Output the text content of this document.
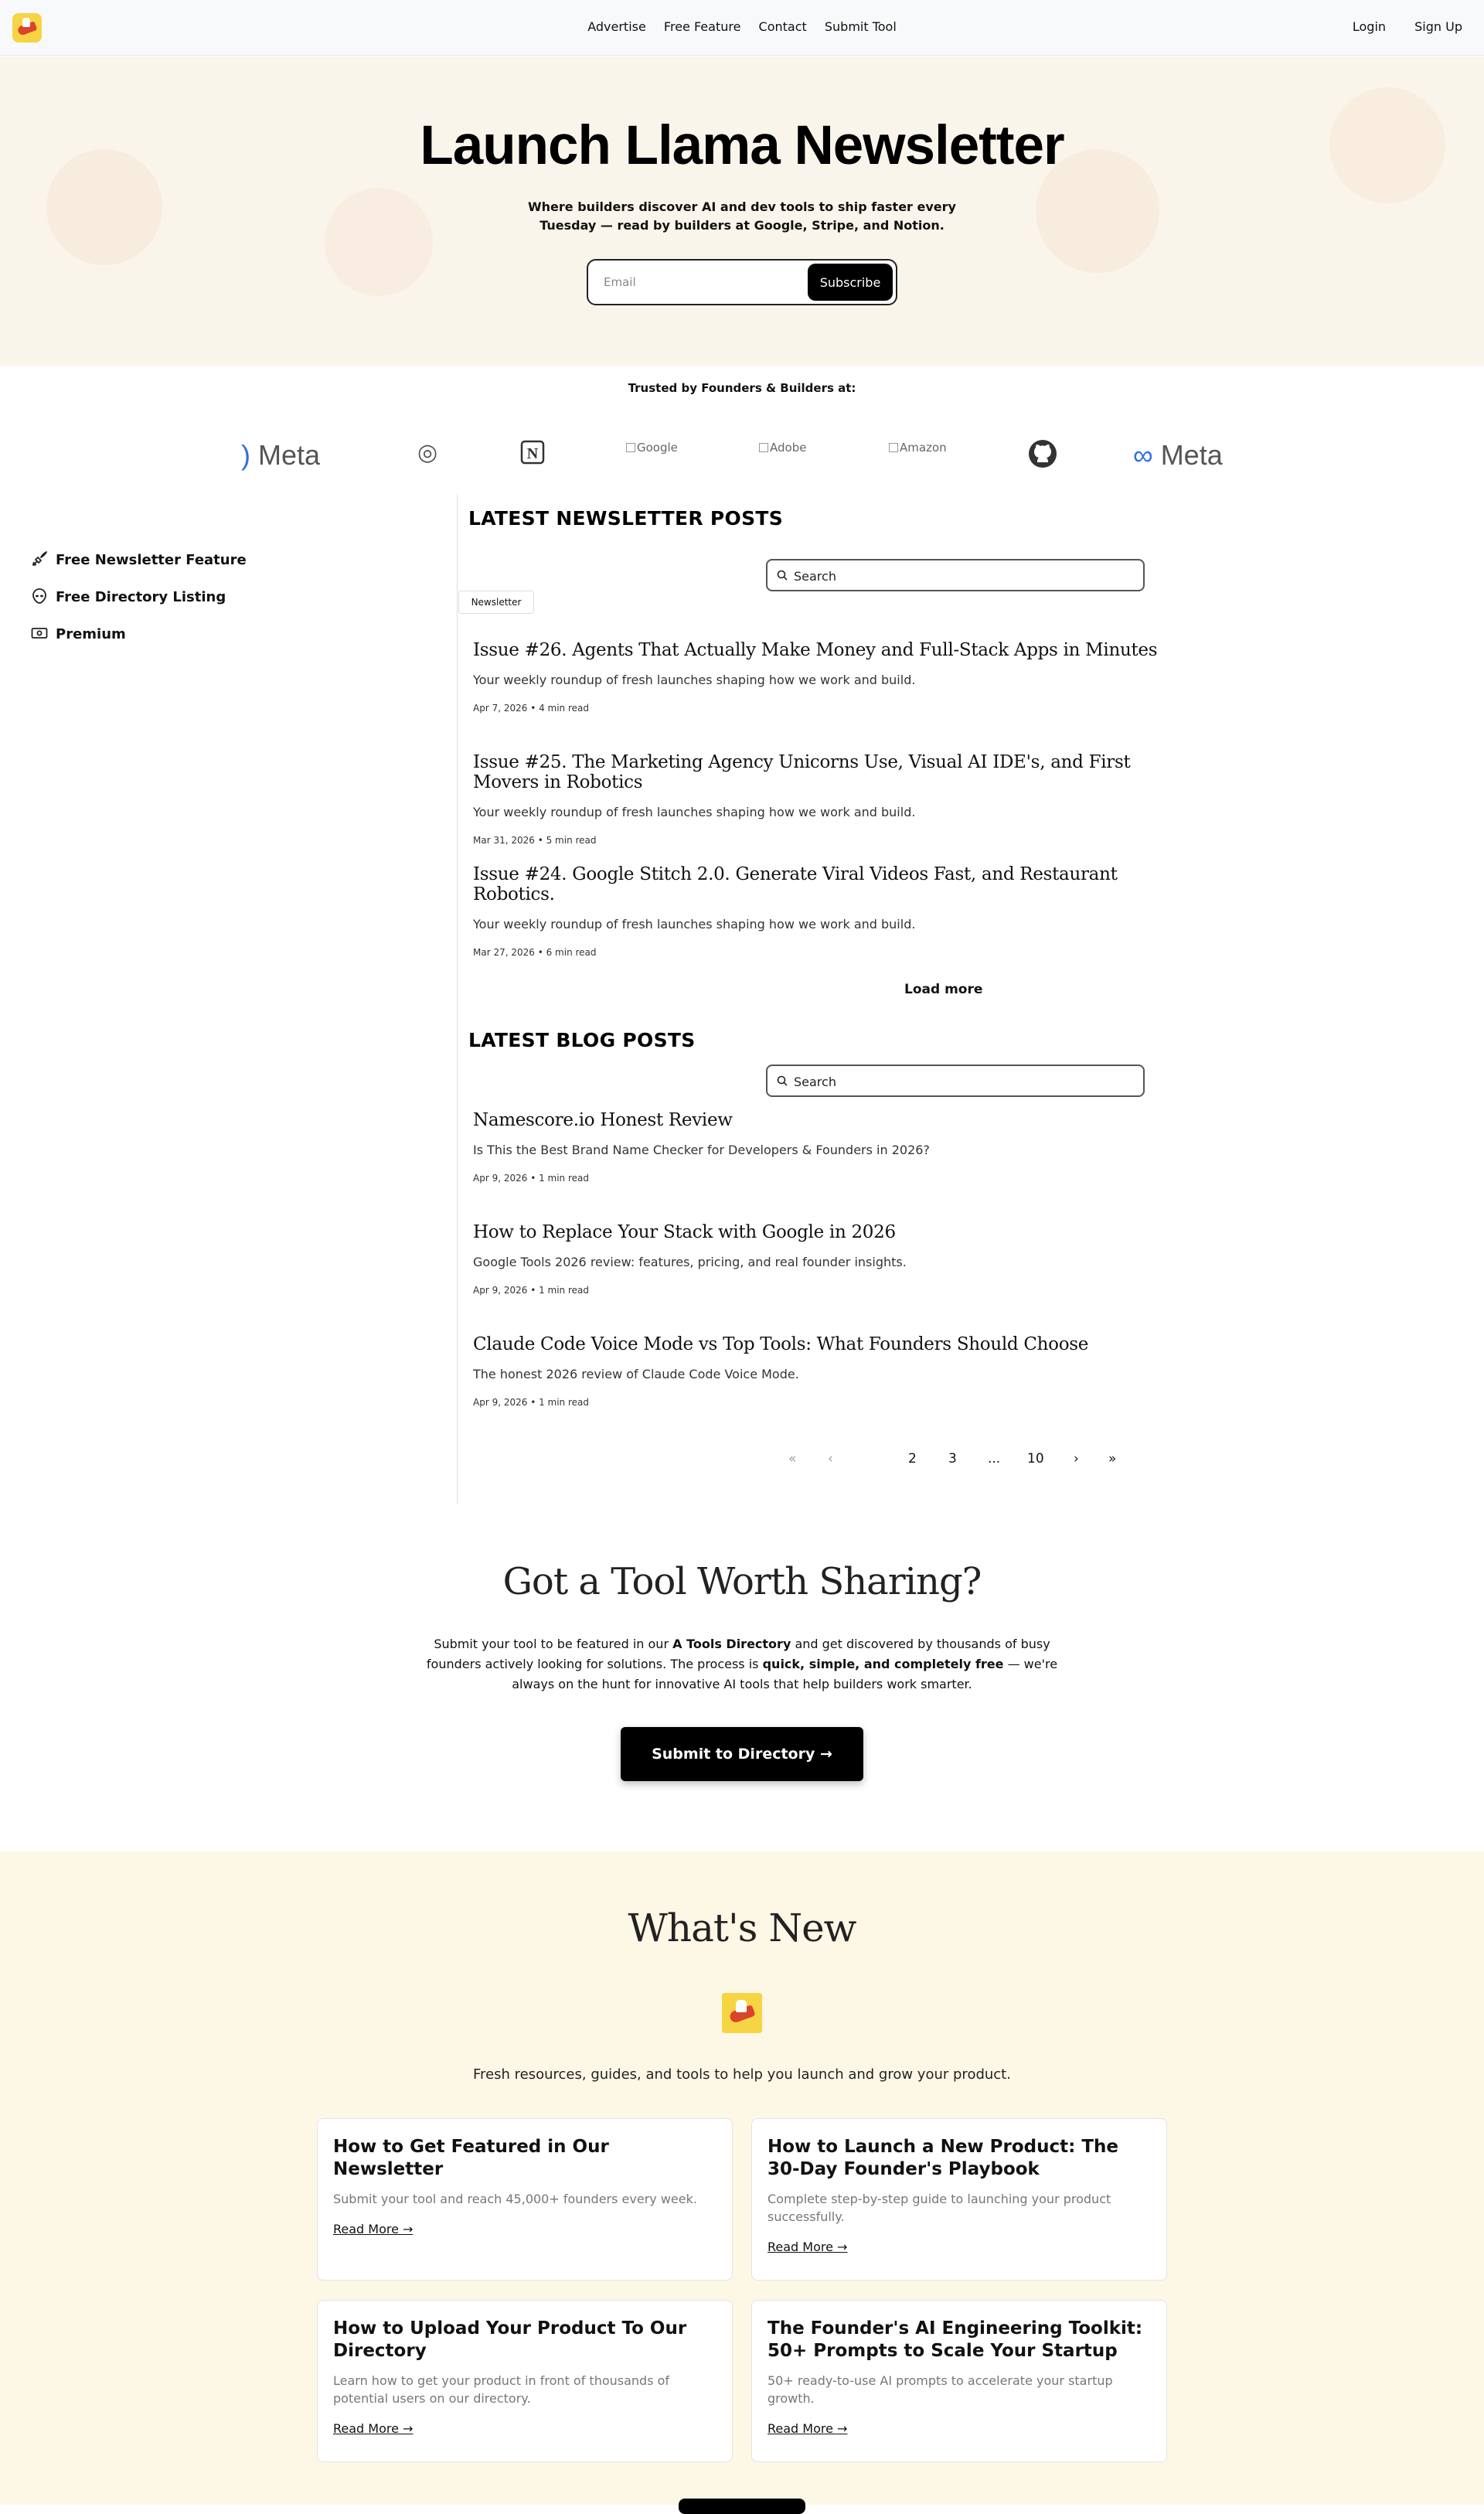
Advertise Free Feature Contact Submit Tool	Login Sign Up
Launch Llama Newsletter
Where builders discover AI and dev tools to ship faster every Tuesday — read by builders at Google, Stripe, and Notion.
Email
Subscribe
Trusted by Founders & Builders at:
) Meta	◎	N	Google	Adobe	Amazon	∞ Meta
Free Newsletter Feature
Free Directory Listing
Premium
LATEST NEWSLETTER POSTS
Search
Newsletter
Issue #26. Agents That Actually Make Money and Full-Stack Apps in Minutes
Your weekly roundup of fresh launches shaping how we work and build.
Apr 7, 2026 • 4 min read
Issue #25. The Marketing Agency Unicorns Use, Visual AI IDE's, and First Movers in Robotics
Your weekly roundup of fresh launches shaping how we work and build.
Mar 31, 2026 • 5 min read
Issue #24. Google Stitch 2.0. Generate Viral Videos Fast, and Restaurant Robotics.
Your weekly roundup of fresh launches shaping how we work and build.
Mar 27, 2026 • 6 min read
Load more
LATEST BLOG POSTS
Search
Namescore.io Honest Review
Is This the Best Brand Name Checker for Developers & Founders in 2026?
Apr 9, 2026 • 1 min read
How to Replace Your Stack with Google in 2026
Google Tools 2026 review: features, pricing, and real founder insights.
Apr 9, 2026 • 1 min read
Claude Code Voice Mode vs Top Tools: What Founders Should Choose
The honest 2026 review of Claude Code Voice Mode.
Apr 9, 2026 • 1 min read
« ‹	2 3 ... 10 › »
Got a Tool Worth Sharing?
Submit your tool to be featured in our A Tools Directory and get discovered by thousands of busy founders actively looking for solutions. The process is quick, simple, and completely free — we're always on the hunt for innovative AI tools that help builders work smarter.
Submit to Directory →
What's New
Fresh resources, guides, and tools to help you launch and grow your product.
How to Get Featured in Our Newsletter
Submit your tool and reach 45,000+ founders every week.
Read More →
How to Launch a New Product: The 30-Day Founder's Playbook
Complete step-by-step guide to launching your product successfully.
Read More →
How to Upload Your Product To Our Directory
Learn how to get your product in front of thousands of potential users on our directory.
Read More →
The Founder's AI Engineering Toolkit: 50+ Prompts to Scale Your Startup
50+ ready-to-use AI prompts to accelerate your startup growth.
Read More →
